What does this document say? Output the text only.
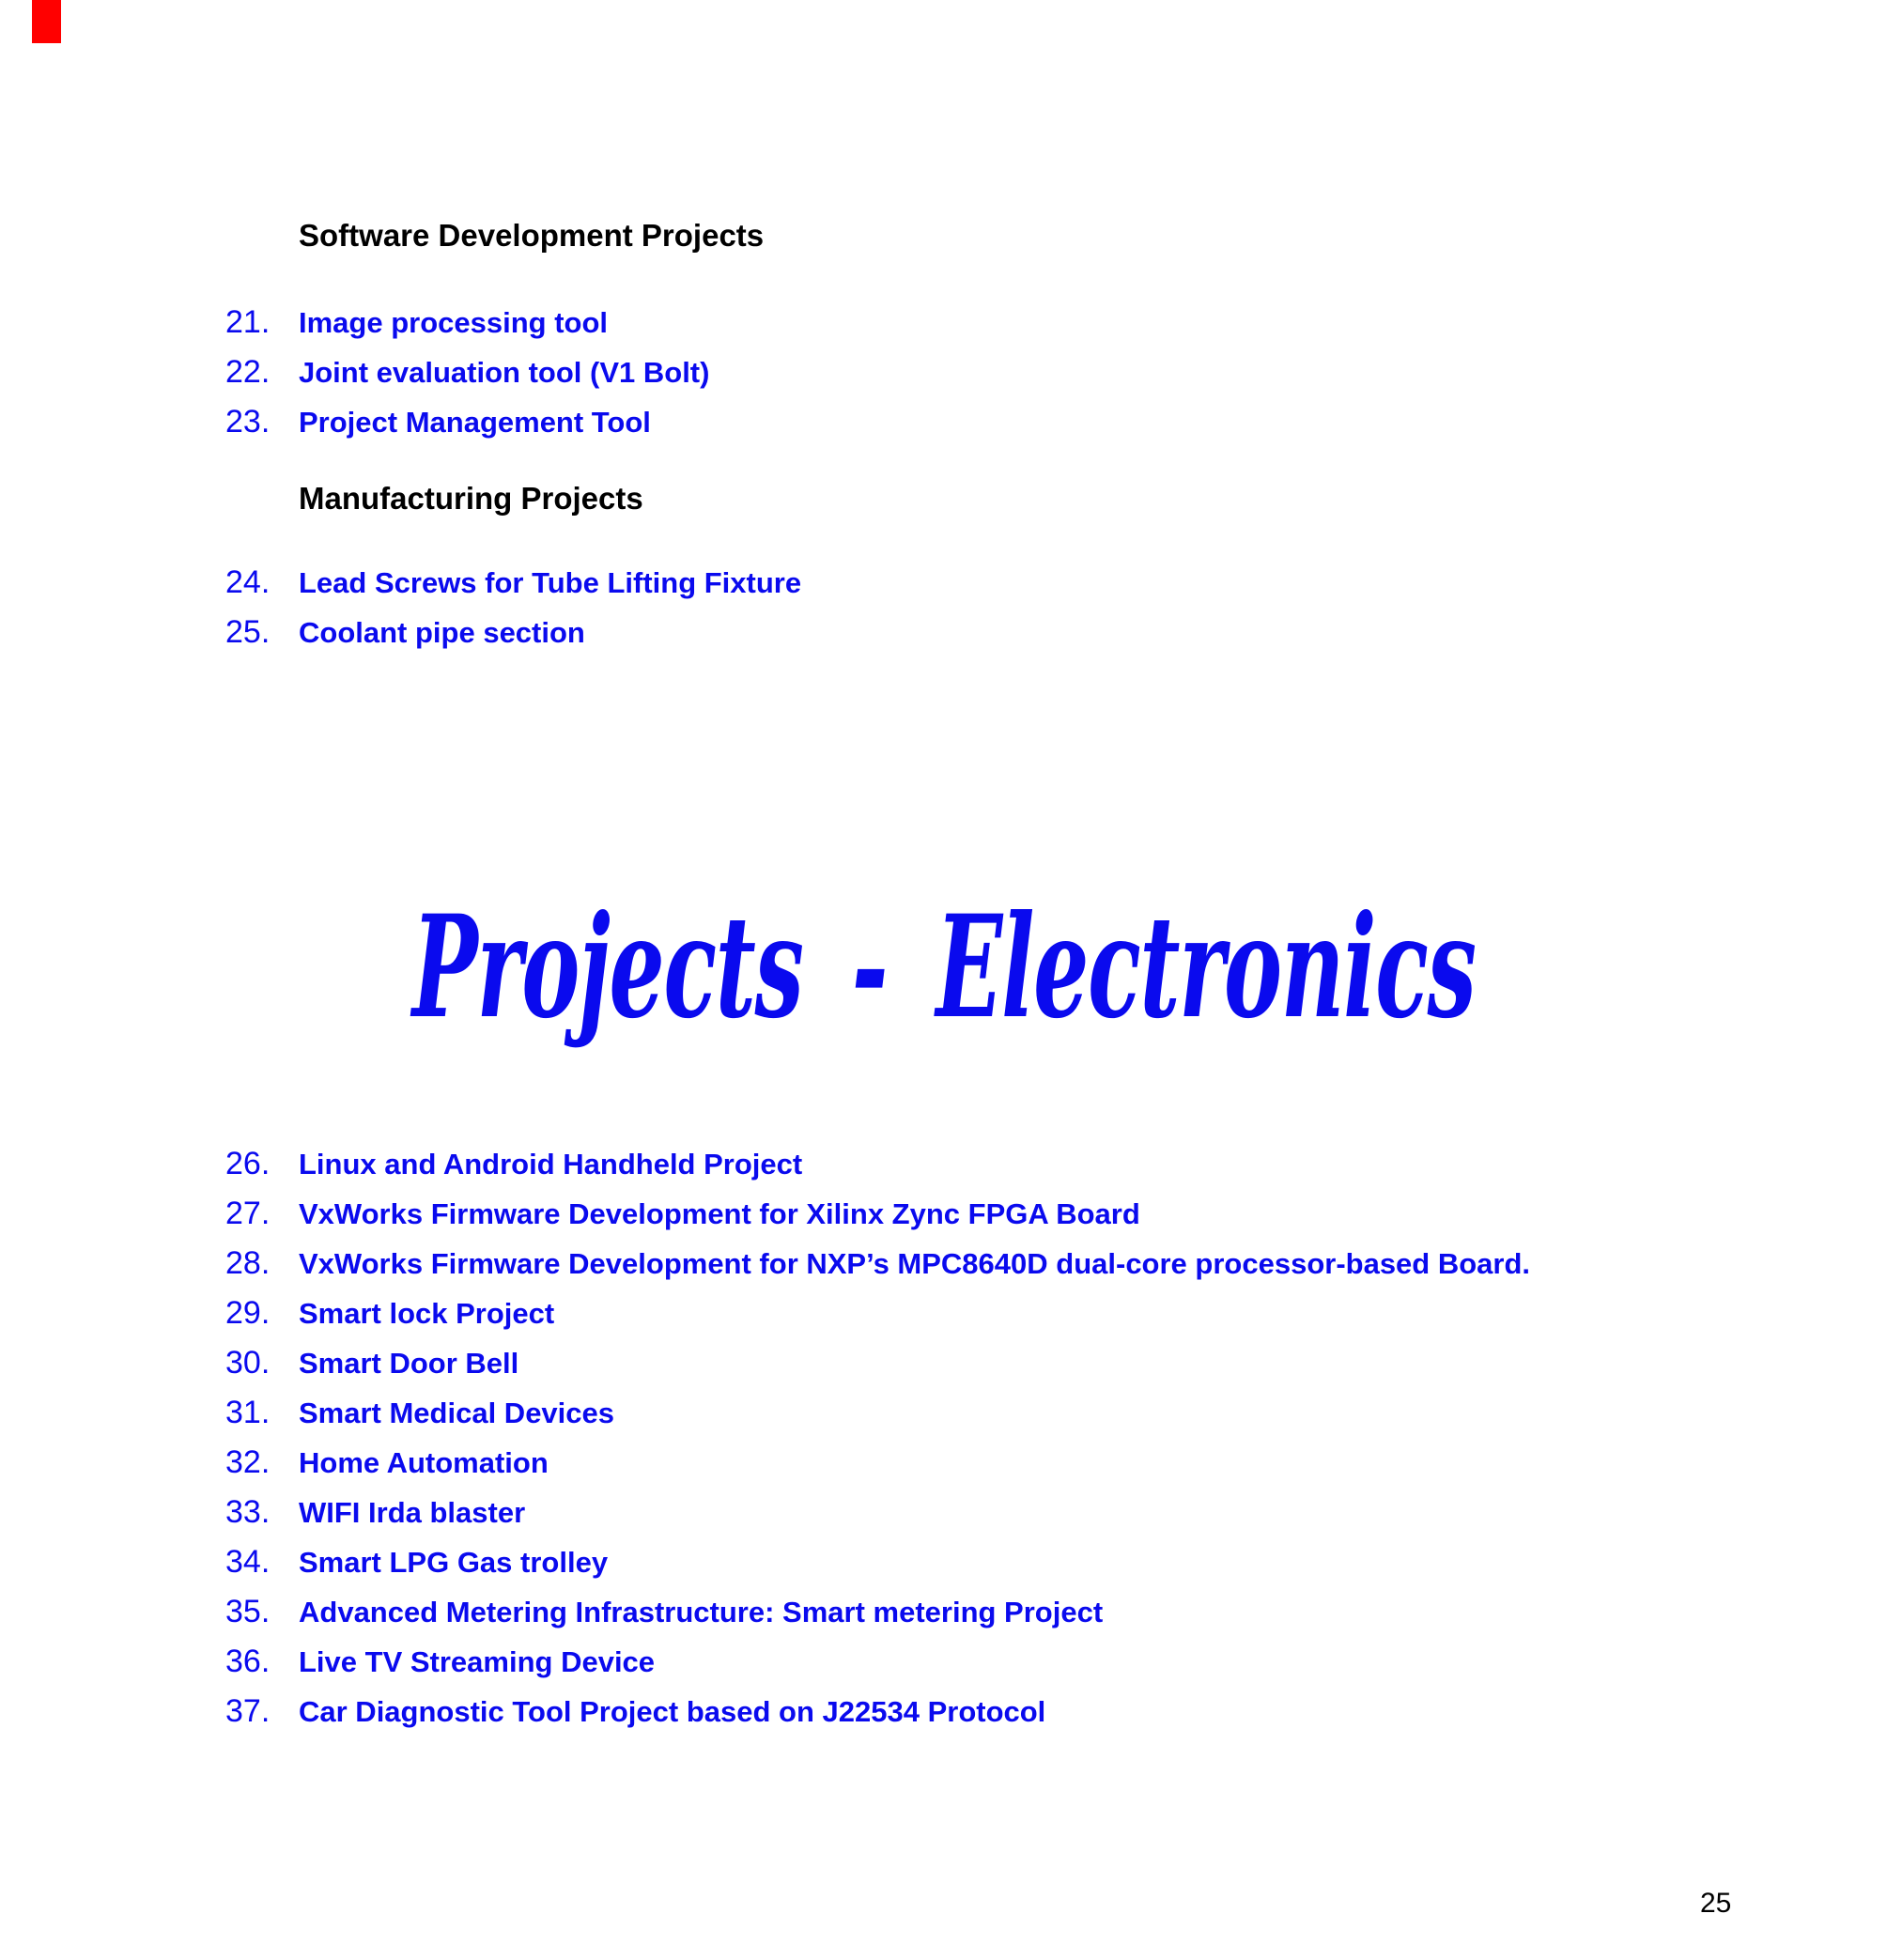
Software Development Projects
21. Image processing tool
22. Joint evaluation tool (V1 Bolt)
23. Project Management Tool
Manufacturing Projects
24. Lead Screws for Tube Lifting Fixture
25. Coolant pipe section
Projects - Electronics
26. Linux and Android Handheld Project
27. VxWorks Firmware Development for Xilinx Zync FPGA Board
28. VxWorks Firmware Development for NXP’s MPC8640D dual-core processor-based Board.
29. Smart lock Project
30. Smart Door Bell
31. Smart Medical Devices
32. Home Automation
33. WIFI Irda blaster
34. Smart LPG Gas trolley
35. Advanced Metering Infrastructure: Smart metering Project
36. Live TV Streaming Device
37. Car Diagnostic Tool Project based on J22534 Protocol
25
